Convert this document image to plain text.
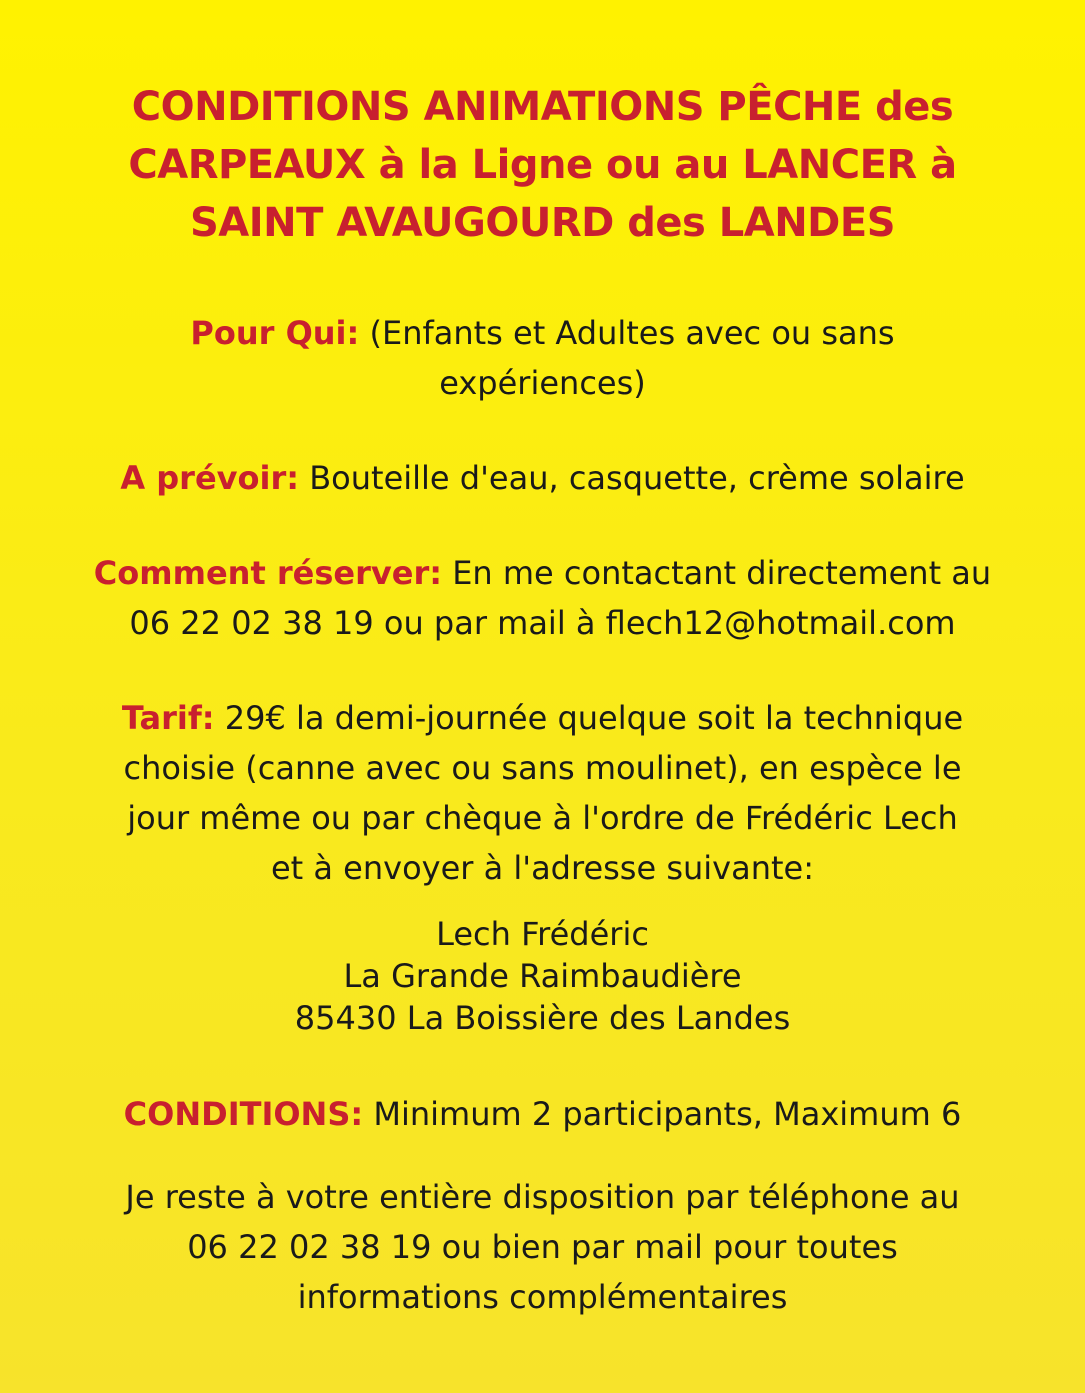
CONDITIONS ANIMATIONS PÊCHE des
CARPEAUX à la Ligne ou au LANCER à
SAINT AVAUGOURD des LANDES
Pour Qui: (Enfants et Adultes avec ou sans
expériences)
A prévoir: Bouteille d'eau, casquette, crème solaire
Comment réserver: En me contactant directement au
06 22 02 38 19 ou par mail à flech12@hotmail.com
Tarif: 29€ la demi-journée quelque soit la technique
choisie (canne avec ou sans moulinet), en espèce le
jour même ou par chèque à l'ordre de Frédéric Lech
et à envoyer à l'adresse suivante:
Lech Frédéric
La Grande Raimbaudière
85430 La Boissière des Landes
CONDITIONS: Minimum 2 participants, Maximum 6
Je reste à votre entière disposition par téléphone au
06 22 02 38 19 ou bien par mail pour toutes
informations complémentaires
